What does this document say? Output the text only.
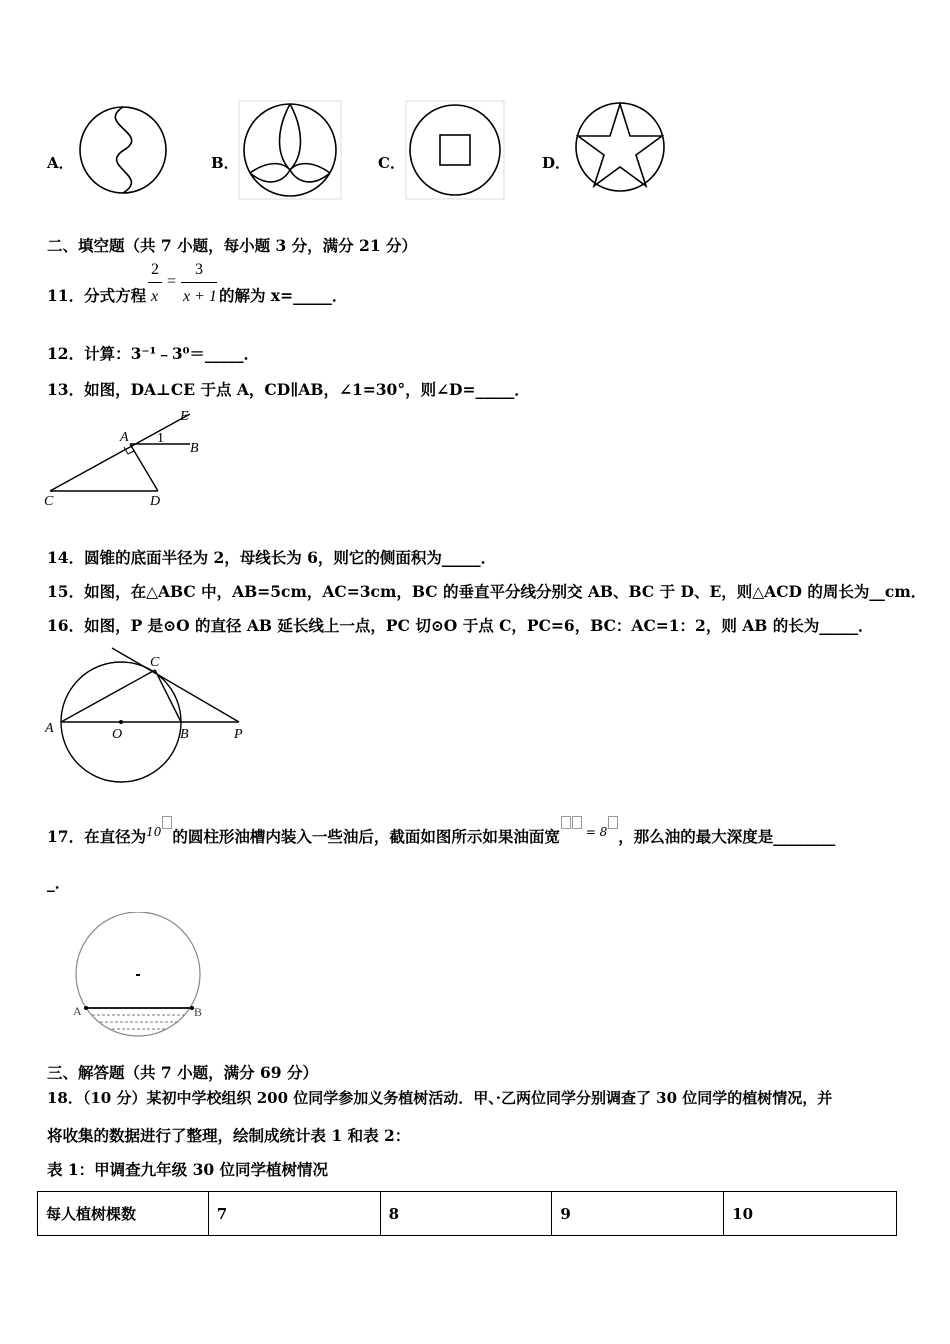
A．	B．	C．	D．
二、填空题（共 7 小题，每小题 3 分，满分 21 分）
11．分式方程
2
x
=
3
x + 1 的解为 x=_____．
12．计算：3⁻¹﹣3⁰＝_____．
13．如图，DA⊥CE 于点 A，CD∥AB，∠1=30°，则∠D=_____．
A 1
E
B
C	D
14．圆锥的底面半径为 2，母线长为 6，则它的侧面积为_____．
15．如图，在△ABC 中，AB=5cm，AC=3cm，BC 的垂直平分线分别交 AB、BC 于 D、E，则△ACD 的周长为__cm．
16．如图，P 是⊙O 的直径 AB 延长线上一点，PC 切⊙O 于点 C，PC=6，BC：AC=1：2，则 AB 的长为_____．
A	O	B	P
C
17．在直径为$^{10}$ 的圆柱形油槽内装入一些油后，截面如图所示如果油面宽 $^{= 8}$ ，那么油的最大深度是________
_．
A	B
三、解答题（共 7 小题，满分 69 分）
18．（10 分）某初中学校组织 200 位同学参加义务植树活动．甲、·乙两位同学分别调查了 30 位同学的植树情况，并
将收集的数据进行了整理，绘制成统计表 1 和表 2：
表 1：甲调查九年级 30 位同学植树情况
每人植树棵数	7	8	9	10
